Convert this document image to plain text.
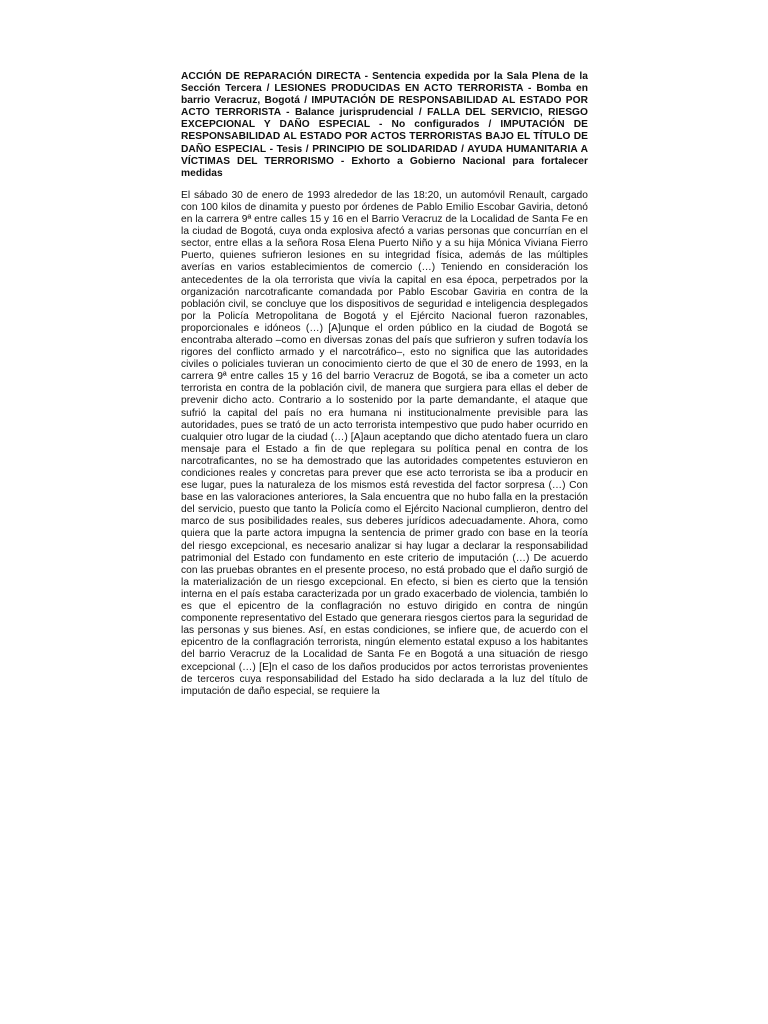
ACCIÓN DE REPARACIÓN DIRECTA - Sentencia expedida por la Sala Plena de la Sección Tercera / LESIONES PRODUCIDAS EN ACTO TERRORISTA - Bomba en barrio Veracruz, Bogotá / IMPUTACIÓN DE RESPONSABILIDAD AL ESTADO POR ACTO TERRORISTA - Balance jurisprudencial / FALLA DEL SERVICIO, RIESGO EXCEPCIONAL Y DAÑO ESPECIAL - No configurados / IMPUTACIÓN DE RESPONSABILIDAD AL ESTADO POR ACTOS TERRORISTAS BAJO EL TÍTULO DE DAÑO ESPECIAL - Tesis / PRINCIPIO DE SOLIDARIDAD / AYUDA HUMANITARIA A VÍCTIMAS DEL TERRORISMO - Exhorto a Gobierno Nacional para fortalecer medidas

El sábado 30 de enero de 1993 alrededor de las 18:20, un automóvil Renault, cargado con 100 kilos de dinamita y puesto por órdenes de Pablo Emilio Escobar Gaviria, detonó en la carrera 9ª entre calles 15 y 16 en el Barrio Veracruz de la Localidad de Santa Fe en la ciudad de Bogotá, cuya onda explosiva afectó a varias personas que concurrían en el sector, entre ellas a la señora Rosa Elena Puerto Niño y a su hija Mónica Viviana Fierro Puerto, quienes sufrieron lesiones en su integridad física, además de las múltiples averías en varios establecimientos de comercio (…) Teniendo en consideración los antecedentes de la ola terrorista que vivía la capital en esa época, perpetrados por la organización narcotraficante comandada por Pablo Escobar Gaviria en contra de la población civil, se concluye que los dispositivos de seguridad e inteligencia desplegados por la Policía Metropolitana de Bogotá y el Ejército Nacional fueron razonables, proporcionales e idóneos (…) [A]unque el orden público en la ciudad de Bogotá se encontraba alterado –como en diversas zonas del país que sufrieron y sufren todavía los rigores del conflicto armado y el narcotráfico–, esto no significa que las autoridades civiles o policiales tuvieran un conocimiento cierto de que el 30 de enero de 1993, en la carrera 9ª entre calles 15 y 16 del barrio Veracruz de Bogotá, se iba a cometer un acto terrorista en contra de la población civil, de manera que surgiera para ellas el deber de prevenir dicho acto. Contrario a lo sostenido por la parte demandante, el ataque que sufrió la capital del país no era humana ni institucionalmente previsible para las autoridades, pues se trató de un acto terrorista intempestivo que pudo haber ocurrido en cualquier otro lugar de la ciudad (…) [A]aun aceptando que dicho atentado fuera un claro mensaje para el Estado a fin de que replegara su política penal en contra de los narcotraficantes, no se ha demostrado que las autoridades competentes estuvieron en condiciones reales y concretas para prever que ese acto terrorista se iba a producir en ese lugar, pues la naturaleza de los mismos está revestida del factor sorpresa (…) Con base en las valoraciones anteriores, la Sala encuentra que no hubo falla en la prestación del servicio, puesto que tanto la Policía como el Ejército Nacional cumplieron, dentro del marco de sus posibilidades reales, sus deberes jurídicos adecuadamente. Ahora, como quiera que la parte actora impugna la sentencia de primer grado con base en la teoría del riesgo excepcional, es necesario analizar si hay lugar a declarar la responsabilidad patrimonial del Estado con fundamento en este criterio de imputación (…) De acuerdo con las pruebas obrantes en el presente proceso, no está probado que el daño surgió de la materialización de un riesgo excepcional. En efecto, si bien es cierto que la tensión interna en el país estaba caracterizada por un grado exacerbado de violencia, también lo es que el epicentro de la conflagración no estuvo dirigido en contra de ningún componente representativo del Estado que generara riesgos ciertos para la seguridad de las personas y sus bienes. Así, en estas condiciones, se infiere que, de acuerdo con el epicentro de la conflagración terrorista, ningún elemento estatal expuso a los habitantes del barrio Veracruz de la Localidad de Santa Fe en Bogotá a una situación de riesgo excepcional (…) [E]n el caso de los daños producidos por actos terroristas provenientes de terceros cuya responsabilidad del Estado ha sido declarada a la luz del título de imputación de daño especial, se requiere la
